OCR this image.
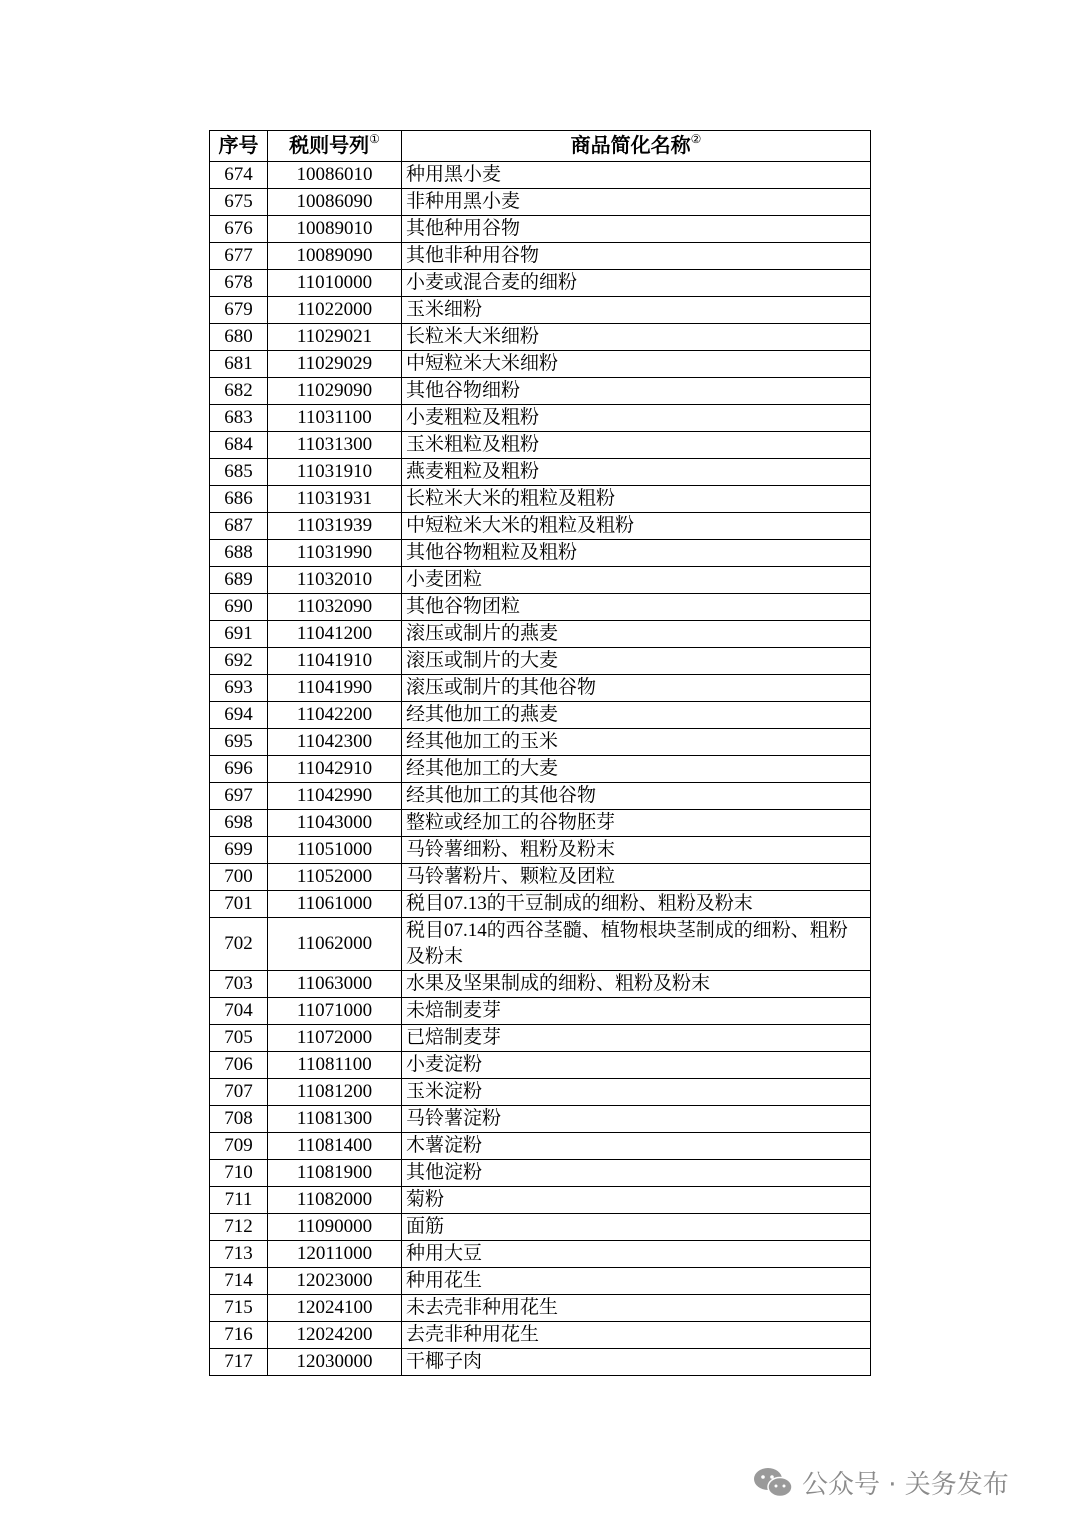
序号	税则号列①	商品简化名称②
674	10086010	种用黑小麦
675	10086090	非种用黑小麦
676	10089010	其他种用谷物
677	10089090	其他非种用谷物
678	11010000	小麦或混合麦的细粉
679	11022000	玉米细粉
680	11029021	长粒米大米细粉
681	11029029	中短粒米大米细粉
682	11029090	其他谷物细粉
683	11031100	小麦粗粒及粗粉
684	11031300	玉米粗粒及粗粉
685	11031910	燕麦粗粒及粗粉
686	11031931	长粒米大米的粗粒及粗粉
687	11031939	中短粒米大米的粗粒及粗粉
688	11031990	其他谷物粗粒及粗粉
689	11032010	小麦团粒
690	11032090	其他谷物团粒
691	11041200	滚压或制片的燕麦
692	11041910	滚压或制片的大麦
693	11041990	滚压或制片的其他谷物
694	11042200	经其他加工的燕麦
695	11042300	经其他加工的玉米
696	11042910	经其他加工的大麦
697	11042990	经其他加工的其他谷物
698	11043000	整粒或经加工的谷物胚芽
699	11051000	马铃薯细粉、粗粉及粉末
700	11052000	马铃薯粉片、颗粒及团粒
701	11061000	税目07.13的干豆制成的细粉、粗粉及粉末
702	11062000	税目07.14的西谷茎髓、植物根块茎制成的细粉、粗粉及粉末
703	11063000	水果及坚果制成的细粉、粗粉及粉末
704	11071000	未焙制麦芽
705	11072000	已焙制麦芽
706	11081100	小麦淀粉
707	11081200	玉米淀粉
708	11081300	马铃薯淀粉
709	11081400	木薯淀粉
710	11081900	其他淀粉
711	11082000	菊粉
712	11090000	面筋
713	12011000	种用大豆
714	12023000	种用花生
715	12024100	未去壳非种用花生
716	12024200	去壳非种用花生
717	12030000	干椰子肉
公众号 · 关务发布
